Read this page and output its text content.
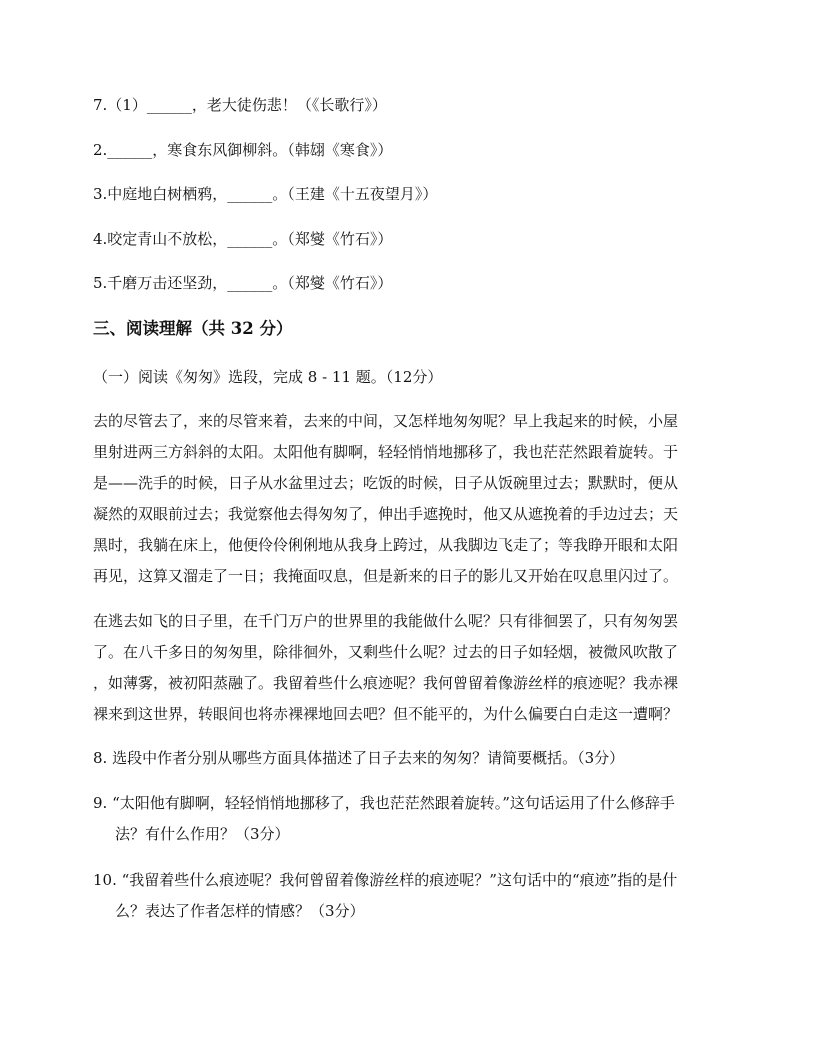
7.（1）______，老大徒伤悲！（《长歌行》）
2.______，寒食东风御柳斜。（韩翃《寒食》）
3.中庭地白树栖鸦，______。（王建《十五夜望月》）
4.咬定青山不放松，______。（郑燮《竹石》）
5.千磨万击还坚劲，______。（郑燮《竹石》）
三、阅读理解（共 32 分）
（一）阅读《匆匆》选段，完成 8 - 11 题。（12分）
去的尽管去了，来的尽管来着，去来的中间，又怎样地匆匆呢？早上我起来的时候，小屋
里射进两三方斜斜的太阳。太阳他有脚啊，轻轻悄悄地挪移了，我也茫茫然跟着旋转。于
是——洗手的时候，日子从水盆里过去；吃饭的时候，日子从饭碗里过去；默默时，便从
凝然的双眼前过去；我觉察他去得匆匆了，伸出手遮挽时，他又从遮挽着的手边过去；天
黑时，我躺在床上，他便伶伶俐俐地从我身上跨过，从我脚边飞走了；等我睁开眼和太阳
再见，这算又溜走了一日；我掩面叹息，但是新来的日子的影儿又开始在叹息里闪过了。
在逃去如飞的日子里，在千门万户的世界里的我能做什么呢？只有徘徊罢了，只有匆匆罢
了。在八千多日的匆匆里，除徘徊外，又剩些什么呢？过去的日子如轻烟，被微风吹散了
，如薄雾，被初阳蒸融了。我留着些什么痕迹呢？我何曾留着像游丝样的痕迹呢？我赤裸
裸来到这世界，转眼间也将赤裸裸地回去吧？但不能平的，为什么偏要白白走这一遭啊？
8. 选段中作者分别从哪些方面具体描述了日子去来的匆匆？请简要概括。（3分）
9. “太阳他有脚啊，轻轻悄悄地挪移了，我也茫茫然跟着旋转。”这句话运用了什么修辞手
法？有什么作用？（3分）
10. “我留着些什么痕迹呢？我何曾留着像游丝样的痕迹呢？”这句话中的“痕迹”指的是什
么？表达了作者怎样的情感？（3分）
